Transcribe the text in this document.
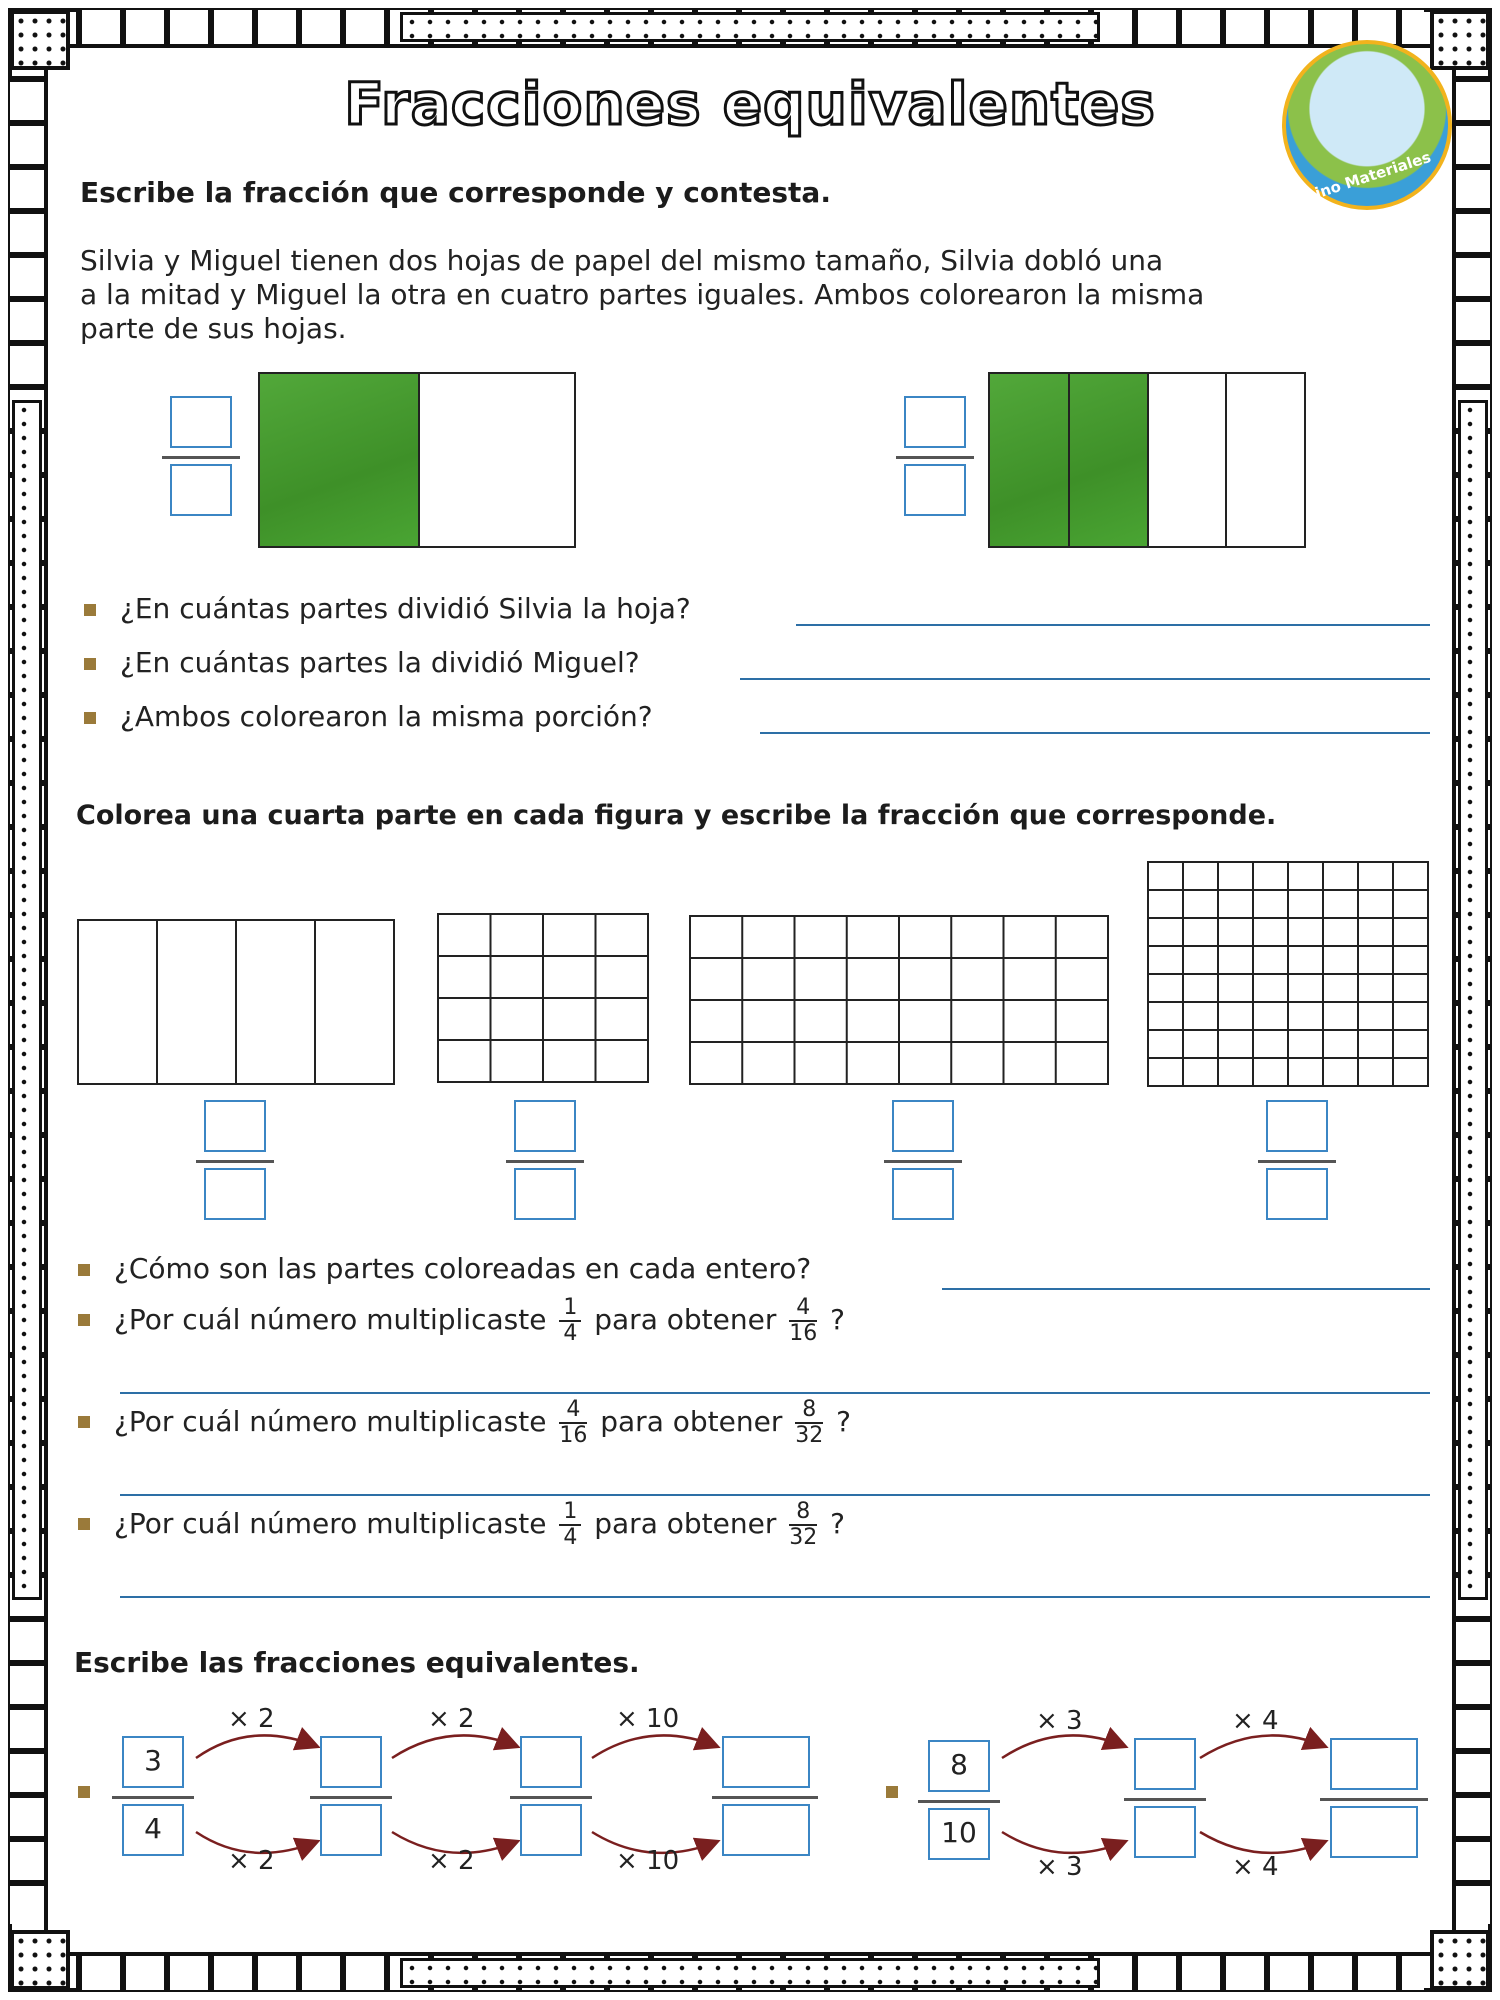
Fracciones equivalentes
Dino Materiales
Escribe la fracción que corresponde y contesta.
Silvia y Miguel tienen dos hojas de papel del mismo tamaño, Silvia dobló una
a la mitad y Miguel la otra en cuatro partes iguales. Ambos colorearon la misma
parte de sus hojas.
¿En cuántas partes dividió Silvia la hoja?
¿En cuántas partes la dividió Miguel?
¿Ambos colorearon la misma porción?
Colorea una cuarta parte en cada figura y escribe la fracción que corresponde.
¿Cómo son las partes coloreadas en cada entero?
¿Por cuál número multiplicaste $\frac{1}{4}$ para obtener $\frac{4}{16}$ ?
¿Por cuál número multiplicaste $\frac{4}{16}$ para obtener $\frac{8}{32}$ ?
¿Por cuál número multiplicaste $\frac{1}{4}$ para obtener $\frac{8}{32}$ ?
Escribe las fracciones equivalentes.
3
4
× 2
× 2
× 2
× 2
× 10
× 10
8
10
× 3
× 3
× 4
× 4
